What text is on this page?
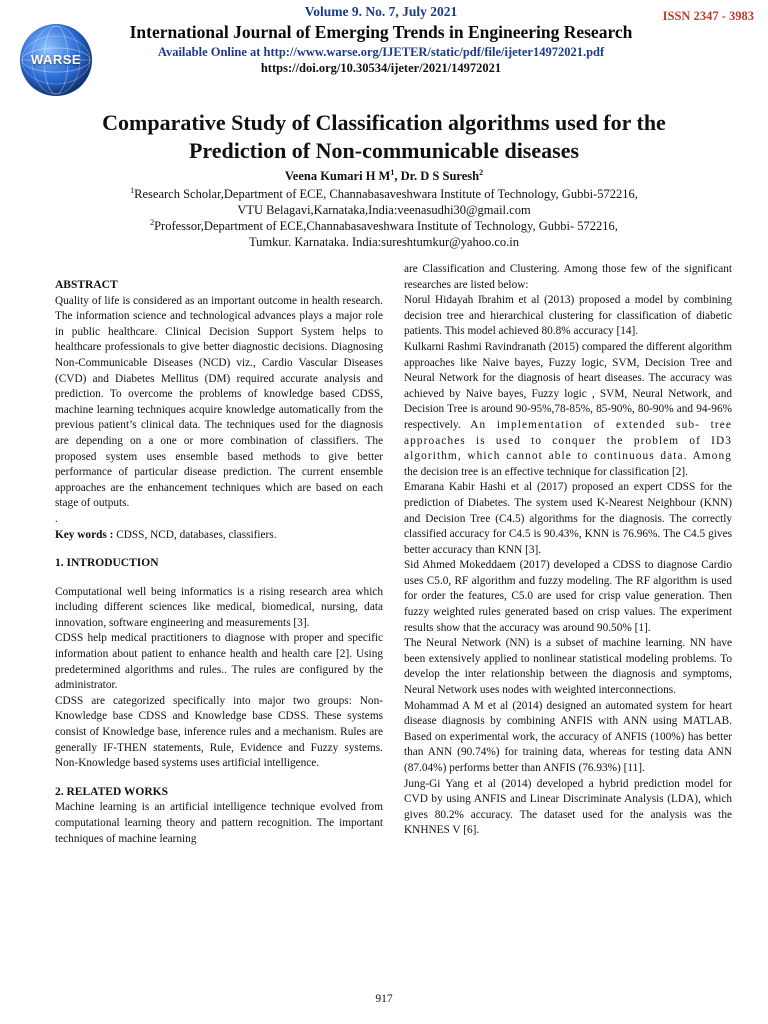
ISSN 2347 - 3983
WARSE
Volume 9. No. 7, July 2021
International Journal of Emerging Trends in Engineering Research
Available Online at http://www.warse.org/IJETER/static/pdf/file/ijeter14972021.pdf
https://doi.org/10.30534/ijeter/2021/14972021
Comparative Study of Classification algorithms used for the
Prediction of Non-communicable diseases
Veena Kumari H $M^1$, Dr. D S Suresh$^2$
$^1$Research Scholar,Department of ECE, Channabasaveshwara Institute of Technology, Gubbi-572216,
VTU Belagavi,Karnataka,India:veenasudhi30@gmail.com
$^2$Professor,Department of ECE,Channabasaveshwara Institute of Technology, Gubbi- 572216,
Tumkur. Karnataka. India:sureshtumkur@yahoo.co.in

ABSTRACT

Quality of life is considered as an important outcome in health research. The information science and technological advances plays a major role in public healthcare. Clinical Decision Support System helps to healthcare professionals to give better diagnostic decisions. Diagnosing Non-Communicable Diseases (NCD) viz., Cardio Vascular Diseases (CVD) and Diabetes Mellitus (DM) required accurate analysis and prediction. To overcome the problems of knowledge based CDSS, machine learning techniques acquire knowledge automatically from the previous patient’s clinical data. The techniques used for the diagnosis are depending on a one or more combination of classifiers. The proposed system uses ensemble based methods to give better performance of particular disease prediction. The current ensemble approaches are the enhancement techniques which are based on each stage of outputs.

.

Key words : CDSS, NCD, databases, classifiers.

1. INTRODUCTION

Computational well being informatics is a rising research area which including different sciences like medical, biomedical, nursing, data innovation, software engineering and measurements [3].

CDSS help medical practitioners to diagnose with proper and specific information about patient to enhance health and health care [2]. Using predetermined algorithms and rules.. The rules are configured by the administrator.

CDSS are categorized specifically into major two groups: Non-Knowledge base CDSS and Knowledge base CDSS. These systems consist of Knowledge base, inference rules and a mechanism. Rules are generally IF-THEN statements, Rule, Evidence and Fuzzy systems. Non-Knowledge based systems uses artificial intelligence.

2. RELATED WORKS

Machine learning is an artificial intelligence technique evolved from computational learning theory and pattern recognition. The important techniques of machine learning

are Classification and Clustering. Among those few of the significant researches are listed below:

Norul Hidayah Ibrahim et al (2013) proposed a model by combining decision tree and hierarchical clustering for classification of diabetic patients. This model achieved 80.8% accuracy [14].

Kulkarni Rashmi Ravindranath (2015) compared the different algorithm approaches like Naive bayes, Fuzzy logic, SVM, Decision Tree and Neural Network for the diagnosis of heart diseases. The accuracy was achieved by Naive bayes, Fuzzy logic , SVM, Neural Network, and Decision Tree is around 90-95%,78-85%, 85-90%, 80-90% and 94-96% respectively. An implementation of extended sub- tree approaches is used to conquer the problem of ID3 algorithm, which cannot able to continuous data. Among the decision tree is an effective technique for classification [2].

Emarana Kabir Hashi et al (2017) proposed an expert CDSS for the prediction of Diabetes. The system used K-Nearest Neighbour (KNN) and Decision Tree (C4.5) algorithms for the diagnosis. The correctly classified accuracy for C4.5 is 90.43%, KNN is 76.96%. The C4.5 gives better accuracy than KNN [3].

Sid Ahmed Mokeddaem (2017) developed a CDSS to diagnose Cardio uses C5.0, RF algorithm and fuzzy modeling. The RF algorithm is used for order the features, C5.0 are used for crisp value generation. Then fuzzy weighted rules generated based on crisp values. The experiment results show that the accuracy was around 90.50% [1].

The Neural Network (NN) is a subset of machine learning. NN have been extensively applied to nonlinear statistical modeling problems. To develop the inter relationship between the diagnosis and symptoms, Neural Network uses nodes with weighted interconnections.

Mohammad A M et al (2014) designed an automated system for heart disease diagnosis by combining ANFIS with ANN using MATLAB. Based on experimental work, the accuracy of ANFIS (100%) has better than ANN (90.74%) for training data, whereas for testing data ANN (87.04%) performs better than ANFIS (76.93%) [11].

Jung-Gi Yang et al (2014) developed a hybrid prediction model for CVD by using ANFIS and Linear Discriminate Analysis (LDA), which gives 80.2% accuracy. The dataset used for the analysis was the KNHNES V [6].

917
